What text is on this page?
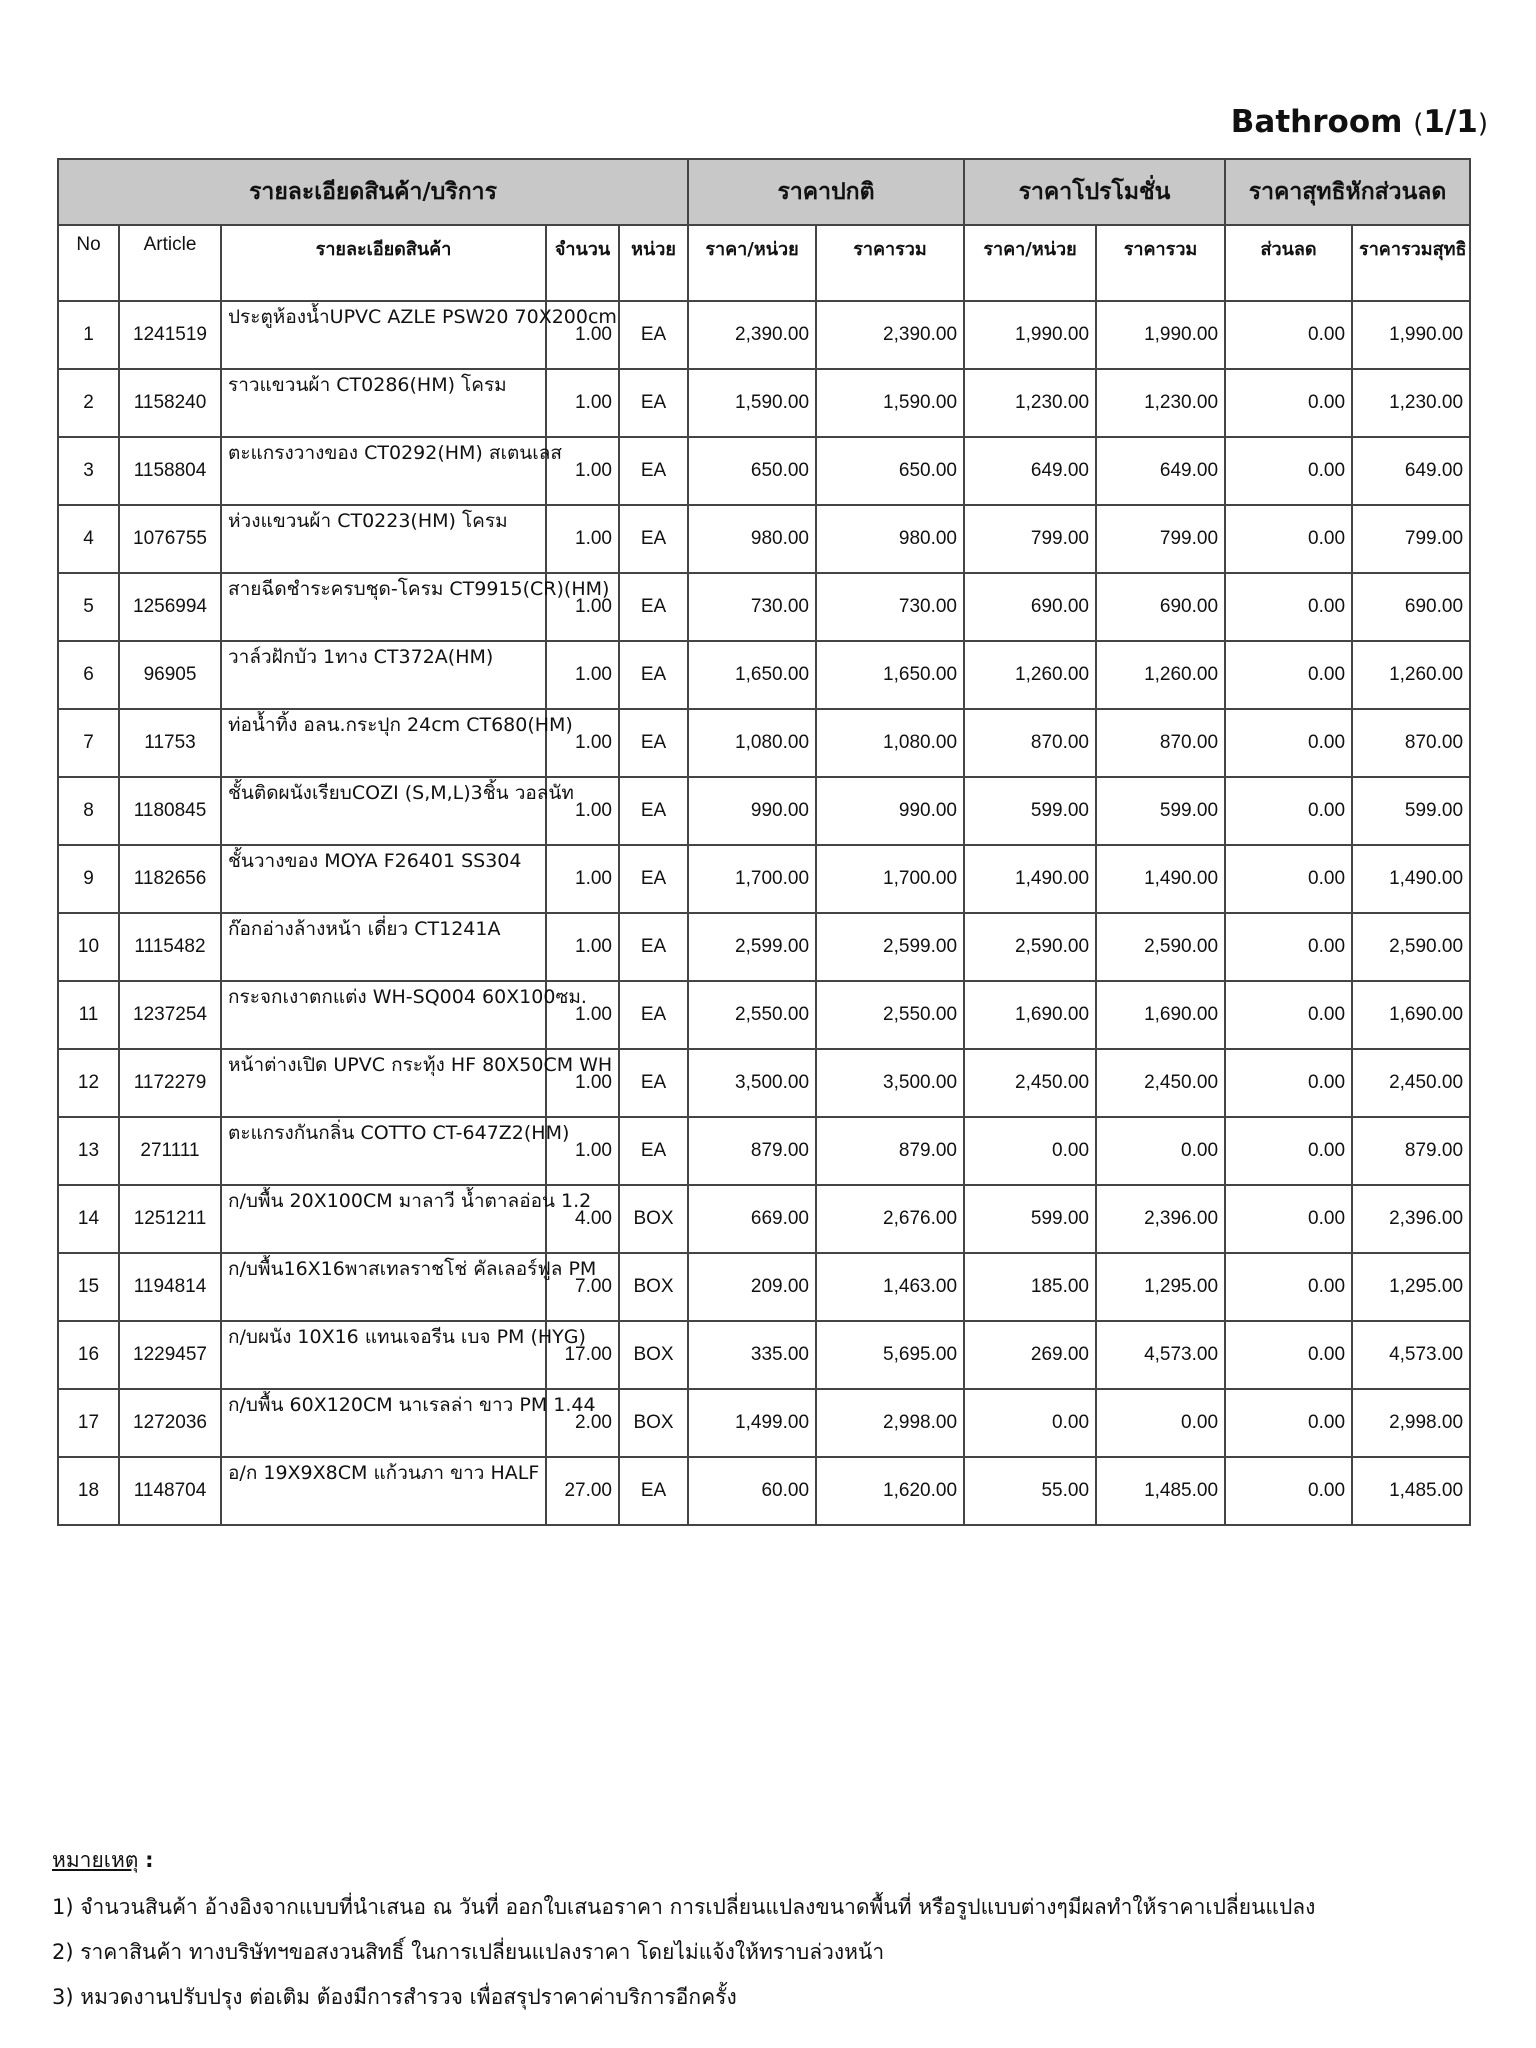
Bathroom (1/1)
รายละเอียดสินค้า/บริการ					ราคาปกติ		ราคาโปรโมชั่น		ราคาสุทธิหักส่วนลด	
No	Article	รายละเอียดสินค้า	จำนวน	หน่วย	ราคา/หน่วย	ราคารวม	ราคา/หน่วย	ราคารวม	ส่วนลด	ราคารวมสุทธิ
1	1241519	ประตูห้องน้ำUPVC AZLE PSW20 70X200cm	1.00	EA	2,390.00	2,390.00	1,990.00	1,990.00	0.00	1,990.00
2	1158240	ราวแขวนผ้า CT0286(HM) โครม	1.00	EA	1,590.00	1,590.00	1,230.00	1,230.00	0.00	1,230.00
3	1158804	ตะแกรงวางของ CT0292(HM) สเตนเลส	1.00	EA	650.00	650.00	649.00	649.00	0.00	649.00
4	1076755	ห่วงแขวนผ้า CT0223(HM) โครม	1.00	EA	980.00	980.00	799.00	799.00	0.00	799.00
5	1256994	สายฉีดชำระครบชุด-โครม CT9915(CR)(HM)	1.00	EA	730.00	730.00	690.00	690.00	0.00	690.00
6	96905	วาล์วฝักบัว 1ทาง CT372A(HM)	1.00	EA	1,650.00	1,650.00	1,260.00	1,260.00	0.00	1,260.00
7	11753	ท่อน้ำทิ้ง อลน.กระปุก 24cm CT680(HM)	1.00	EA	1,080.00	1,080.00	870.00	870.00	0.00	870.00
8	1180845	ชั้นติดผนังเรียบCOZI (S,M,L)3ชิ้น วอลนัท	1.00	EA	990.00	990.00	599.00	599.00	0.00	599.00
9	1182656	ชั้นวางของ MOYA F26401 SS304	1.00	EA	1,700.00	1,700.00	1,490.00	1,490.00	0.00	1,490.00
10	1115482	ก๊อกอ่างล้างหน้า เดี่ยว CT1241A	1.00	EA	2,599.00	2,599.00	2,590.00	2,590.00	0.00	2,590.00
11	1237254	กระจกเงาตกแต่ง WH-SQ004 60X100ซม.	1.00	EA	2,550.00	2,550.00	1,690.00	1,690.00	0.00	1,690.00
12	1172279	หน้าต่างเปิด UPVC กระทุ้ง HF 80X50CM WH	1.00	EA	3,500.00	3,500.00	2,450.00	2,450.00	0.00	2,450.00
13	271111	ตะแกรงกันกลิ่น COTTO CT-647Z2(HM)	1.00	EA	879.00	879.00	0.00	0.00	0.00	879.00
14	1251211	ก/บพื้น 20X100CM มาลาวี น้ำตาลอ่อน 1.2	4.00	BOX	669.00	2,676.00	599.00	2,396.00	0.00	2,396.00
15	1194814	ก/บพื้น16X16พาสเทลราชโช่ คัลเลอร์ฟูล PM	7.00	BOX	209.00	1,463.00	185.00	1,295.00	0.00	1,295.00
16	1229457	ก/บผนัง 10X16 แทนเจอรีน เบจ PM (HYG)	17.00	BOX	335.00	5,695.00	269.00	4,573.00	0.00	4,573.00
17	1272036	ก/บพื้น 60X120CM นาเรลล่า ขาว PM 1.44	2.00	BOX	1,499.00	2,998.00	0.00	0.00	0.00	2,998.00
18	1148704	อ/ก 19X9X8CM แก้วนภา ขาว HALF	27.00	EA	60.00	1,620.00	55.00	1,485.00	0.00	1,485.00
หมายเหตุ :
1) จำนวนสินค้า อ้างอิงจากแบบที่นำเสนอ ณ วันที่ ออกใบเสนอราคา การเปลี่ยนแปลงขนาดพื้นที่ หรือรูปแบบต่างๆมีผลทำให้ราคาเปลี่ยนแปลง
2) ราคาสินค้า ทางบริษัทฯขอสงวนสิทธิ์ ในการเปลี่ยนแปลงราคา โดยไม่แจ้งให้ทราบล่วงหน้า
3) หมวดงานปรับปรุง ต่อเติม ต้องมีการสำรวจ เพื่อสรุปราคาค่าบริการอีกครั้ง
